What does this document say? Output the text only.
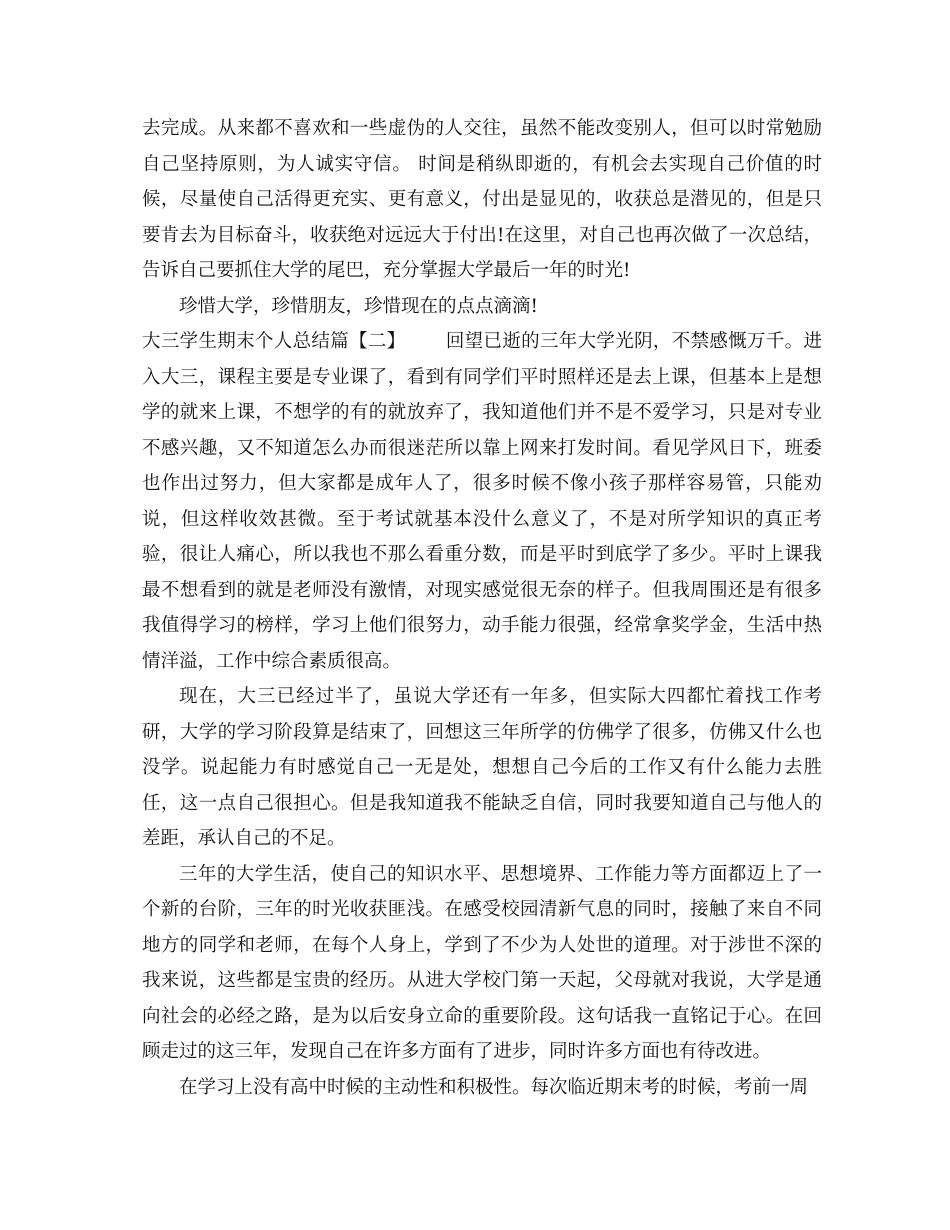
去完成。从来都不喜欢和一些虚伪的人交往，虽然不能改变别人，但可以时常勉励自己坚持原则，为人诚实守信。 时间是稍纵即逝的，有机会去实现自己价值的时候，尽量使自己活得更充实、更有意义，付出是显见的，收获总是潜见的，但是只要肯去为目标奋斗，收获绝对远远大于付出!在这里，对自己也再次做了一次总结，告诉自己要抓住大学的尾巴，充分掌握大学最后一年的时光!

珍惜大学，珍惜朋友，珍惜现在的点点滴滴!

大三学生期末个人总结篇【二】 回望已逝的三年大学光阴，不禁感慨万千。进入大三，课程主要是专业课了，看到有同学们平时照样还是去上课，但基本上是想学的就来上课，不想学的有的就放弃了，我知道他们并不是不爱学习，只是对专业不感兴趣，又不知道怎么办而很迷茫所以靠上网来打发时间。看见学风日下，班委也作出过努力，但大家都是成年人了，很多时候不像小孩子那样容易管，只能劝说，但这样收效甚微。至于考试就基本没什么意义了，不是对所学知识的真正考验，很让人痛心，所以我也不那么看重分数，而是平时到底学了多少。平时上课我最不想看到的就是老师没有激情，对现实感觉很无奈的样子。但我周围还是有很多我值得学习的榜样，学习上他们很努力，动手能力很强，经常拿奖学金，生活中热情洋溢，工作中综合素质很高。

现在，大三已经过半了，虽说大学还有一年多，但实际大四都忙着找工作考研，大学的学习阶段算是结束了，回想这三年所学的仿佛学了很多，仿佛又什么也没学。说起能力有时感觉自己一无是处，想想自己今后的工作又有什么能力去胜任，这一点自己很担心。但是我知道我不能缺乏自信，同时我要知道自己与他人的差距，承认自己的不足。

三年的大学生活，使自己的知识水平、思想境界、工作能力等方面都迈上了一个新的台阶，三年的时光收获匪浅。在感受校园清新气息的同时，接触了来自不同地方的同学和老师，在每个人身上，学到了不少为人处世的道理。对于涉世不深的我来说，这些都是宝贵的经历。从进大学校门第一天起，父母就对我说，大学是通向社会的必经之路，是为以后安身立命的重要阶段。这句话我一直铭记于心。在回顾走过的这三年，发现自己在许多方面有了进步，同时许多方面也有待改进。

在学习上没有高中时候的主动性和积极性。每次临近期末考的时候，考前一周
